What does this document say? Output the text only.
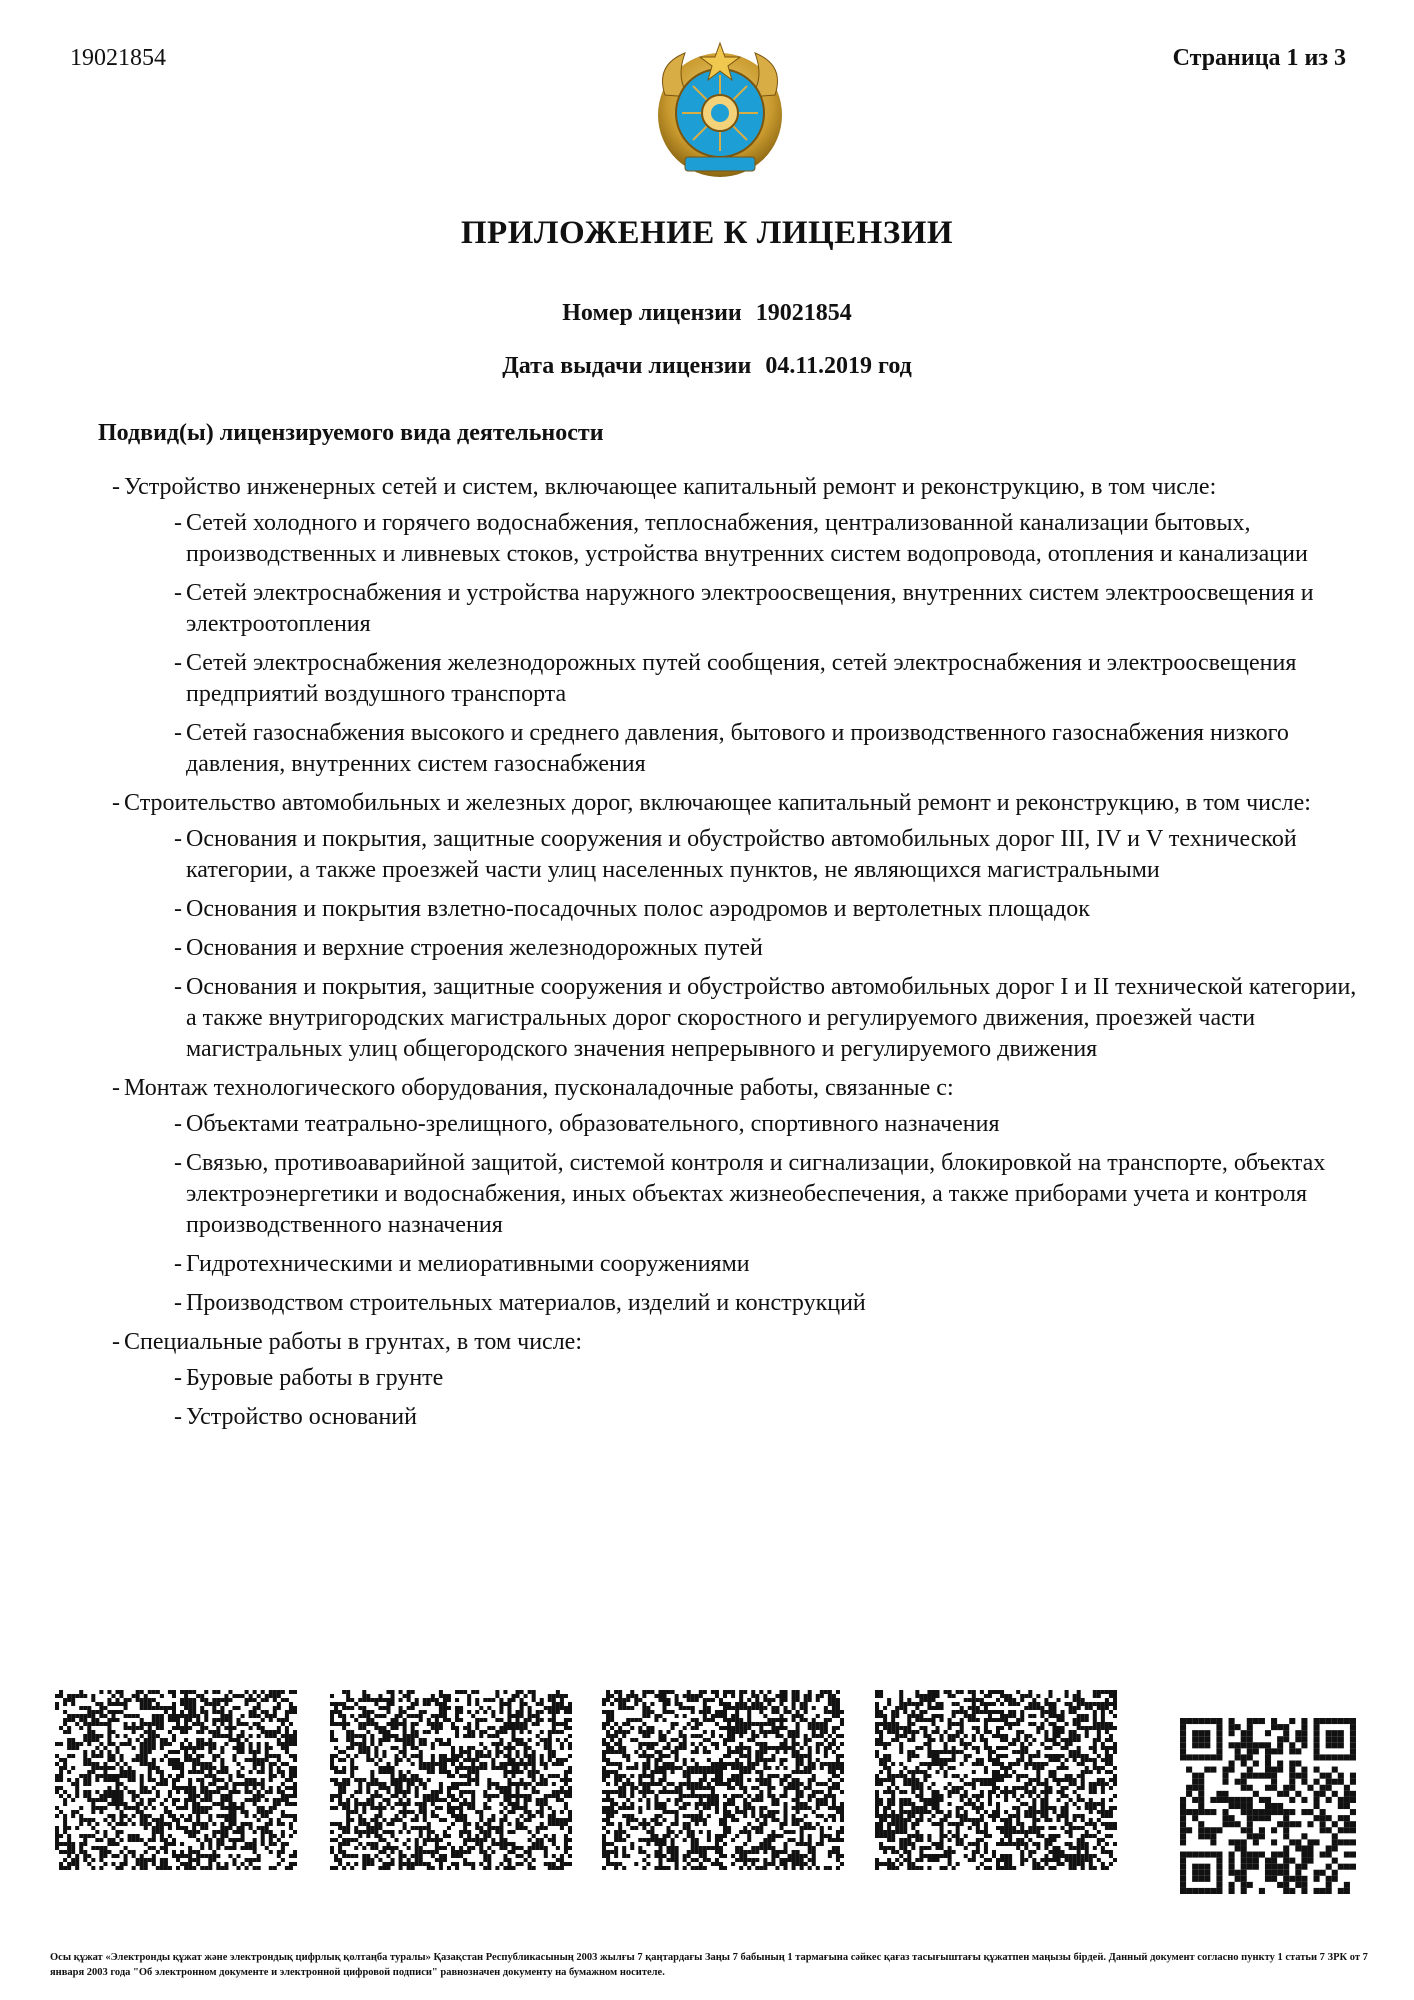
19021854	Страница 1 из 3
ПРИЛОЖЕНИЕ К ЛИЦЕНЗИИ
Номер лицензии 19021854
Дата выдачи лицензии 04.11.2019 год
Подвид(ы) лицензируемого вида деятельности
- Устройство инженерных сетей и систем, включающее капитальный ремонт и реконструкцию, в том числе:
- Сетей холодного и горячего водоснабжения, теплоснабжения, централизованной канализации бытовых, производственных и ливневых стоков, устройства внутренних систем водопровода, отопления и канализации
- Сетей электроснабжения и устройства наружного электроосвещения, внутренних систем электроосвещения и электроотопления
- Сетей электроснабжения железнодорожных путей сообщения, сетей электроснабжения и электроосвещения предприятий воздушного транспорта
- Сетей газоснабжения высокого и среднего давления, бытового и производственного газоснабжения низкого давления, внутренних систем газоснабжения
- Строительство автомобильных и железных дорог, включающее капитальный ремонт и реконструкцию, в том числе:
- Основания и покрытия, защитные сооружения и обустройство автомобильных дорог III, IV и V технической категории, а также проезжей части улиц населенных пунктов, не являющихся магистральными
- Основания и покрытия взлетно-посадочных полос аэродромов и вертолетных площадок
- Основания и верхние строения железнодорожных путей
- Основания и покрытия, защитные сооружения и обустройство автомобильных дорог I и II технической категории, а также внутригородских магистральных дорог скоростного и регулируемого движения, проезжей части магистральных улиц общегородского значения непрерывного и регулируемого движения
- Монтаж технологического оборудования, пусконаладочные работы, связанные с:
- Объектами театрально-зрелищного, образовательного, спортивного назначения
- Связью, противоаварийной защитой, системой контроля и сигнализации, блокировкой на транспорте, объектах электроэнергетики и водоснабжения, иных объектах жизнеобеспечения, а также приборами учета и контроля производственного назначения
- Гидротехническими и мелиоративными сооружениями
- Производством строительных материалов, изделий и конструкций
- Специальные работы в грунтах, в том числе:
- Буровые работы в грунте
- Устройство оснований
Осы құжат «Электронды құжат және электрондық цифрлық қолтаңба туралы» Қазақстан Республикасының 2003 жылғы 7 қаңтардағы Заңы 7 бабының 1 тармағына сәйкес қағаз тасығыштағы құжатпен маңызы бірдей. Данный документ согласно пункту 1 статьи 7 ЗРК от 7 января 2003 года "Об электронном документе и электронной цифровой подписи" равнозначен документу на бумажном носителе.
